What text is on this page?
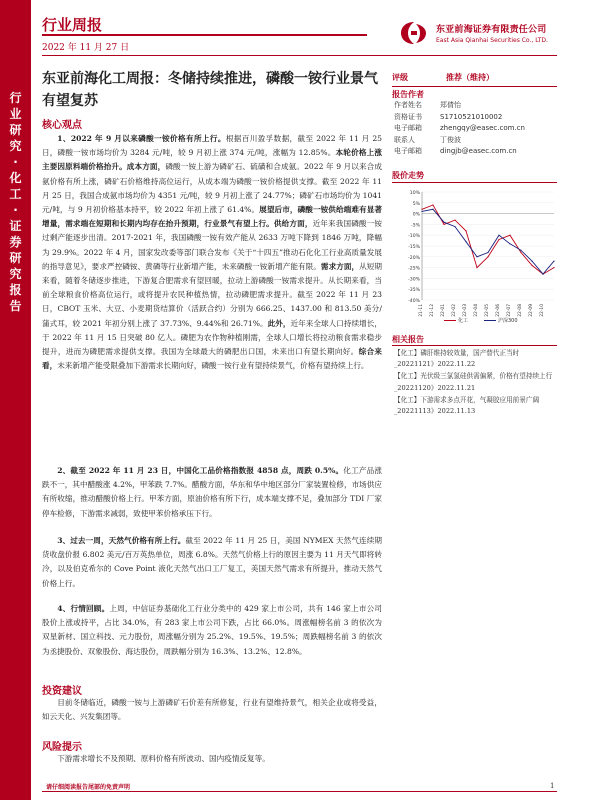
行业研究·化工·证券研究报告
行业周报
2022 年 11 月 27 日
东亚前海证券有限责任公司
East Asia Qianhai Securities Co., LTD.
东亚前海化工周报：冬储持续推进，磷酸一铵行业景气有望复苏
核心观点
1、2022 年 9 月以来磷酸一铵价格有所上行。根据百川盈孚数据，截至 2022 年 11 月 25 日，磷酸一铵市场均价为 3284 元/吨，较 9 月初上涨 374 元/吨，涨幅为 12.85%。本轮价格上涨主要因原料端价格抬升。成本方面，磷酸一铵上游为磷矿石、硫磺和合成氨。2022 年 9 月以来合成氨价格有所上涨，磷矿石价格维持高位运行，从成本端为磷酸一铵价格提供支撑。截至 2022 年 11 月 25 日，我国合成氨市场均价为 4351 元/吨，较 9 月初上涨了 24.77%；磷矿石市场均价为 1041 元/吨，与 9 月初价格基本持平，较 2022 年初上涨了 61.4%。展望后市，磷酸一铵供给端难有显著增量，需求端在短期和长期内均存在抬升预期，行业景气有望上行。供给方面，近年来我国磷酸一铵过剩产能逐步出清。2017-2021 年，我国磷酸一铵有效产能从 2633 万吨下降到 1846 万吨，降幅为 29.9%。2022 年 4 月，国家发改委等部门联合发布《关于“十四五”推动石化化工行业高质量发展的指导意见》，要求严控磷铵、黄磷等行业新增产能，未来磷酸一铵新增产能有限。需求方面，从短期来看，随着冬储逐步推进，下游复合肥需求有望回暖，拉动上游磷酸一铵需求提升。从长期来看，当前全球粮食价格高位运行，或将提升农民种植热情，拉动磷肥需求提升。截至 2022 年 11 月 23 日，CBOT 玉米、大豆、小麦期货结算价（活跃合约）分别为 666.25、1437.00 和 813.50 美分/蒲式耳，较 2021 年初分别上涨了 37.73%、9.44%和 26.71%。此外，近年来全球人口持续增长，于 2022 年 11 月 15 日突破 80 亿人。磷肥为农作物种植刚需，全球人口增长将拉动粮食需求稳步提升，进而为磷肥需求提供支撑。我国为全球最大的磷肥出口国，未来出口有望长期向好。综合来看，未来新增产能受限叠加下游需求长期向好，磷酸一铵行业有望持续景气，价格有望持续上行。
2、截至 2022 年 11 月 23 日，中国化工品价格指数报 4858 点，周跌 0.5%。化工产品涨跌不一，其中醋酸涨 4.2%，甲苯跌 7.7%。醋酸方面，华东和华中地区部分厂家装置检修，市场供应有所收缩，推动醋酸价格上行。甲苯方面，原油价格有所下行，成本端支撑不足，叠加部分 TDI 厂家停车检修，下游需求减弱，致使甲苯价格承压下行。
3、过去一周，天然气价格有所上行。截至 2022 年 11 月 25 日，美国 NYMEX 天然气连续期货收盘价报 6.802 美元/百万英热单位，周涨 6.8%。天然气价格上行的原因主要为 11 月天气即将转冷，以及伯克希尔的 Cove Point 液化天然气出口工厂复工，美国天然气需求有所提升，推动天然气价格上行。
4、行情回顾。上周，中信证券基础化工行业分类中的 429 家上市公司，共有 146 家上市公司股价上涨或持平，占比 34.0%，有 283 家上市公司下跌，占比 66.0%。周涨幅榜名前 3 的依次为双星新材、国立科技、元力股份，周涨幅分别为 25.2%、19.5%、19.5%；周跌幅榜名前 3 的依次为丞捷股份、双象股份、海达股份，周跌幅分别为 16.3%、13.2%、12.8%。
投资建议
目前冬储临近，磷酸一铵与上游磷矿石价差有所修复，行业有望维持景气，相关企业或将受益，如云天化、兴发集团等。
风险提示
下游需求增长不及预期、原料价格有所波动、国内疫情反复等。
评级	推荐（维持）
报告作者
作者姓名	郑倩怡
资格证书	S1710521010002
电子邮箱	zhengqy@easec.com.cn
联系人	丁俊波
电子邮箱	dingjb@easec.com.cn
股价走势
10%
5%
0%
-5%
-10%
-15%
-20%
-25%
-30%
-35%
-40%
21-11 21-12 22-01 22-02 22-03 22-04 22-05 22-06 22-07 22-08 22-09 22-10
化工	沪深300
相关报告
【化工】磷肝维持较效量，国产替代正当时_20221121》2022.11.22
【化工】光伏级三氯氢硅供需偏紧，价格有望持续上行_20221120》2022.11.21
【化工】下游需求多点开花，气凝胶应用前景广阔_20221113》2022.11.13
请仔细阅读报告尾部的免责声明	1
